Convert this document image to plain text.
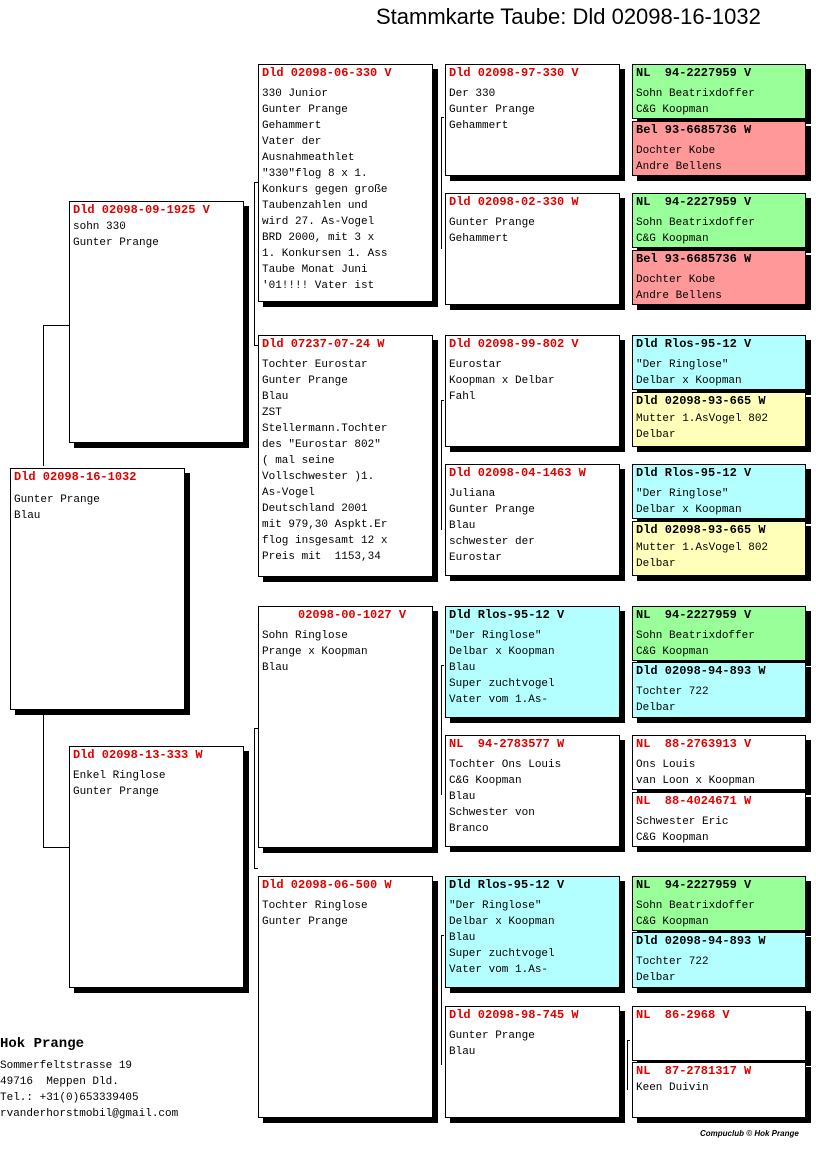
Stammkarte Taube: Dld 02098-16-1032
Dld 02098-16-1032
Gunter Prange
Blau
Dld 02098-09-1925 V
sohn 330
Gunter Prange
Dld 02098-13-333 W
Enkel Ringlose
Gunter Prange
Dld 02098-06-330 V
330 Junior
Gunter Prange
Gehammert
Vater der
Ausnahmeathlet
"330"flog 8 x 1.
Konkurs gegen große
Taubenzahlen und
wird 27. As-Vogel
BRD 2000, mit 3 x
1. Konkursen 1. Ass
Taube Monat Juni
'01!!!! Vater ist
Dld 07237-07-24 W
Tochter Eurostar
Gunter Prange
Blau
ZST
Stellermann.Tochter
des "Eurostar 802"
( mal seine
Vollschwester )1.
As-Vogel
Deutschland 2001
mit 979,30 Aspkt.Er
flog insgesamt 12 x
Preis mit  1153,34
02098-00-1027 V
Sohn Ringlose
Prange x Koopman
Blau
Dld 02098-06-500 W
Tochter Ringlose
Gunter Prange
Dld 02098-97-330 V
Der 330
Gunter Prange
Gehammert
Dld 02098-02-330 W
Gunter Prange
Gehammert
Dld 02098-99-802 V
Eurostar
Koopman x Delbar
Fahl
Dld 02098-04-1463 W
Juliana
Gunter Prange
Blau
schwester der
Eurostar
Dld Rlos-95-12 V
"Der Ringlose"
Delbar x Koopman
Blau
Super zuchtvogel
Vater vom 1.As-
NL  94-2783577 W
Tochter Ons Louis
C&G Koopman
Blau
Schwester von
Branco
Dld Rlos-95-12 V
"Der Ringlose"
Delbar x Koopman
Blau
Super zuchtvogel
Vater vom 1.As-
Dld 02098-98-745 W
Gunter Prange
Blau
NL  94-2227959 V
Sohn Beatrixdoffer
C&G Koopman
Bel 93-6685736 W
Dochter Kobe
Andre Bellens
NL  94-2227959 V
Sohn Beatrixdoffer
C&G Koopman
Bel 93-6685736 W
Dochter Kobe
Andre Bellens
Dld Rlos-95-12 V
"Der Ringlose"
Delbar x Koopman
Dld 02098-93-665 W
Mutter 1.AsVogel 802
Delbar
Dld Rlos-95-12 V
"Der Ringlose"
Delbar x Koopman
Dld 02098-93-665 W
Mutter 1.AsVogel 802
Delbar
NL  94-2227959 V
Sohn Beatrixdoffer
C&G Koopman
Dld 02098-94-893 W
Tochter 722
Delbar
NL  88-2763913 V
Ons Louis
van Loon x Koopman
NL  88-4024671 W
Schwester Eric
C&G Koopman
NL  94-2227959 V
Sohn Beatrixdoffer
C&G Koopman
Dld 02098-94-893 W
Tochter 722
Delbar
NL  86-2968 V
NL  87-2781317 W
Keen Duivin
Hok Prange
Sommerfeltstrasse 19
49716  Meppen Dld.
Tel.: +31(0)653339405
rvanderhorstmobil@gmail.com
Compuclub © Hok Prange
